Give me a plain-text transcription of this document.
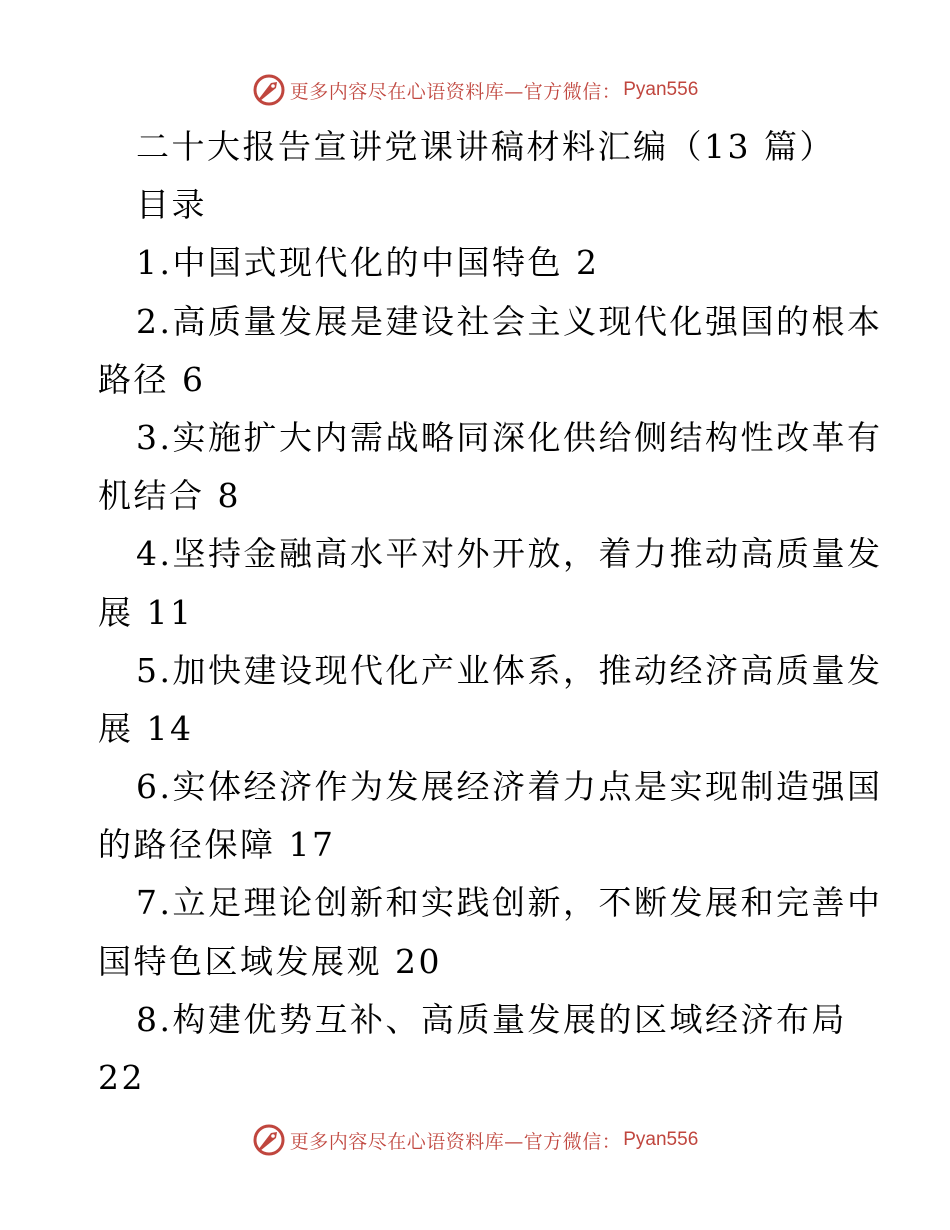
更多内容尽在心语资料库—官方微信： Pyan556
二十大报告宣讲党课讲稿材料汇编（13 篇）
目录
1.中国式现代化的中国特色 2
2.高质量发展是建设社会主义现代化强国的根本
路径 6
3.实施扩大内需战略同深化供给侧结构性改革有
机结合 8
4.坚持金融高水平对外开放，着力推动高质量发
展 11
5.加快建设现代化产业体系，推动经济高质量发
展 14
6.实体经济作为发展经济着力点是实现制造强国
的路径保障 17
7.立足理论创新和实践创新，不断发展和完善中
国特色区域发展观 20
8.构建优势互补、高质量发展的区域经济布局
22
更多内容尽在心语资料库—官方微信： Pyan556
